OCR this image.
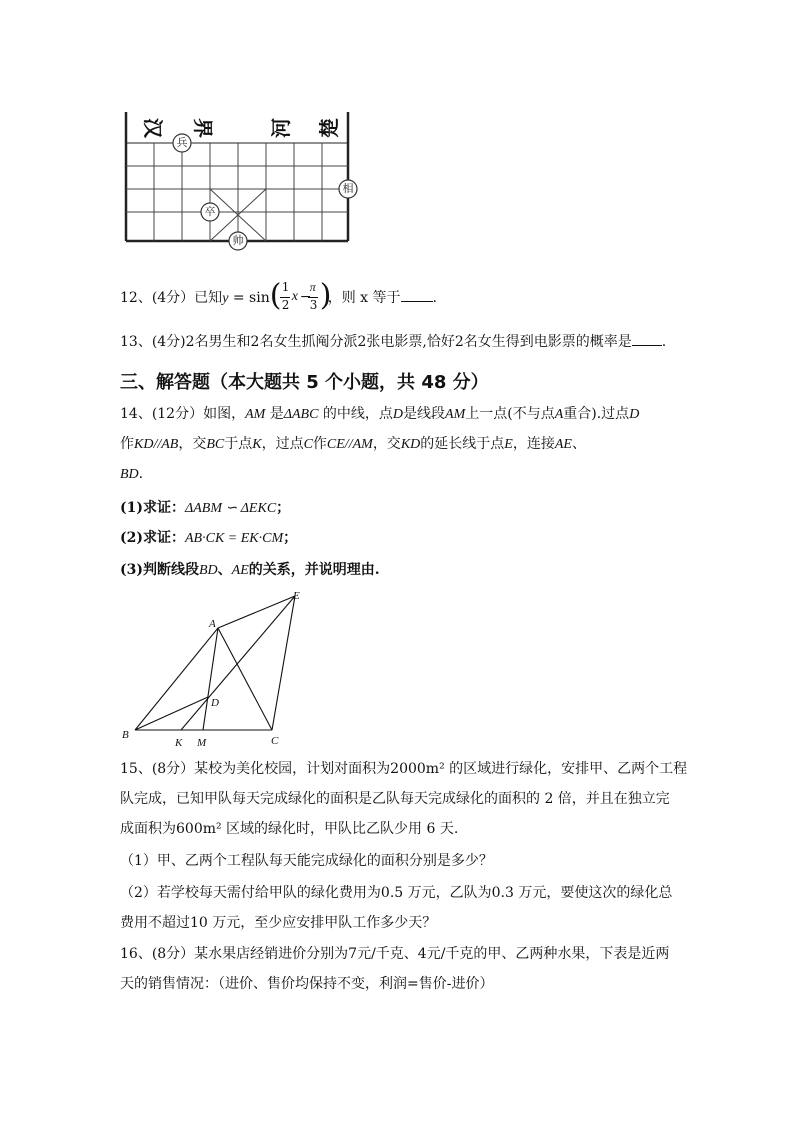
汉 界	河 楚
兵
相
卒
帅
12、(4分）已知y = sin ( 1
2
x −
π
3 )
，则 x 等于 .
13、(4分)2名男生和2名女生抓阄分派2张电影票,恰好2名女生得到电影票的概率是 .
三、解答题（本大题共 5 个小题，共 48 分）
14、(12分）如图，AM 是ΔABC 的中线，点D是线段AM上一点(不与点A重合).过点D
作KD//AB，交BC于点K，过点C作CE//AM，交KD的延长线于点E，连接AE、
BD.
(1)求证：ΔABM ∽ ΔEKC；
(2)求证：AB·CK = EK·CM；
(3)判断线段BD、AE的关系，并说明理由.
A
B	C
D
E
K M
15、(8分）某校为美化校园，计划对面积为2000m² 的区域进行绿化，安排甲、乙两个工程
队完成，已知甲队每天完成绿化的面积是乙队每天完成绿化的面积的 2 倍，并且在独立完
成面积为600m² 区域的绿化时，甲队比乙队少用 6 天.
（1）甲、乙两个工程队每天能完成绿化的面积分别是多少？
（2）若学校每天需付给甲队的绿化费用为0.5 万元，乙队为0.3 万元，要使这次的绿化总
费用不超过10 万元，至少应安排甲队工作多少天？
16、(8分）某水果店经销进价分别为7元/千克、4元/千克的甲、乙两种水果，下表是近两
天的销售情况：（进价、售价均保持不变，利润=售价-进价）
